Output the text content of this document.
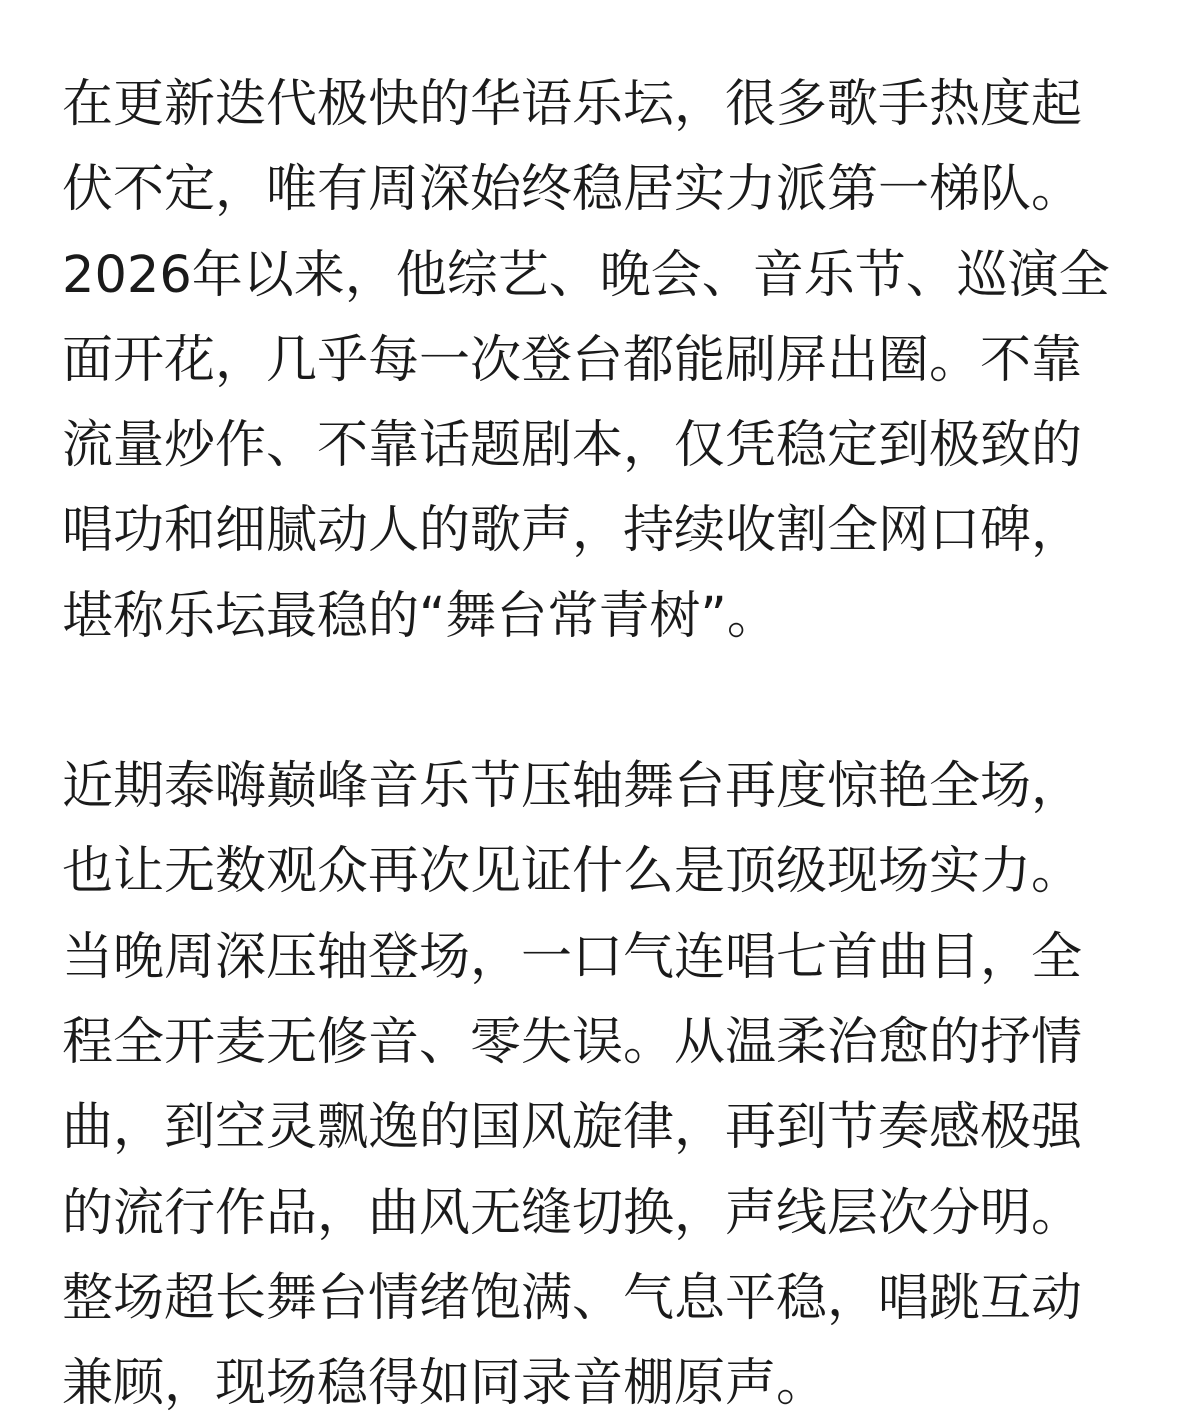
在更新迭代极快的华语乐坛，很多歌手热度起
伏不定，唯有周深始终稳居实力派第一梯队。
2026年以来，他综艺、晚会、音乐节、巡演全
面开花，几乎每一次登台都能刷屏出圈。不靠
流量炒作、不靠话题剧本，仅凭稳定到极致的
唱功和细腻动人的歌声，持续收割全网口碑，
堪称乐坛最稳的“舞台常青树”。
近期泰嗨巅峰音乐节压轴舞台再度惊艳全场，
也让无数观众再次见证什么是顶级现场实力。
当晚周深压轴登场，一口气连唱七首曲目，全
程全开麦无修音、零失误。从温柔治愈的抒情
曲，到空灵飘逸的国风旋律，再到节奏感极强
的流行作品，曲风无缝切换，声线层次分明。
整场超长舞台情绪饱满、气息平稳，唱跳互动
兼顾，现场稳得如同录音棚原声。
